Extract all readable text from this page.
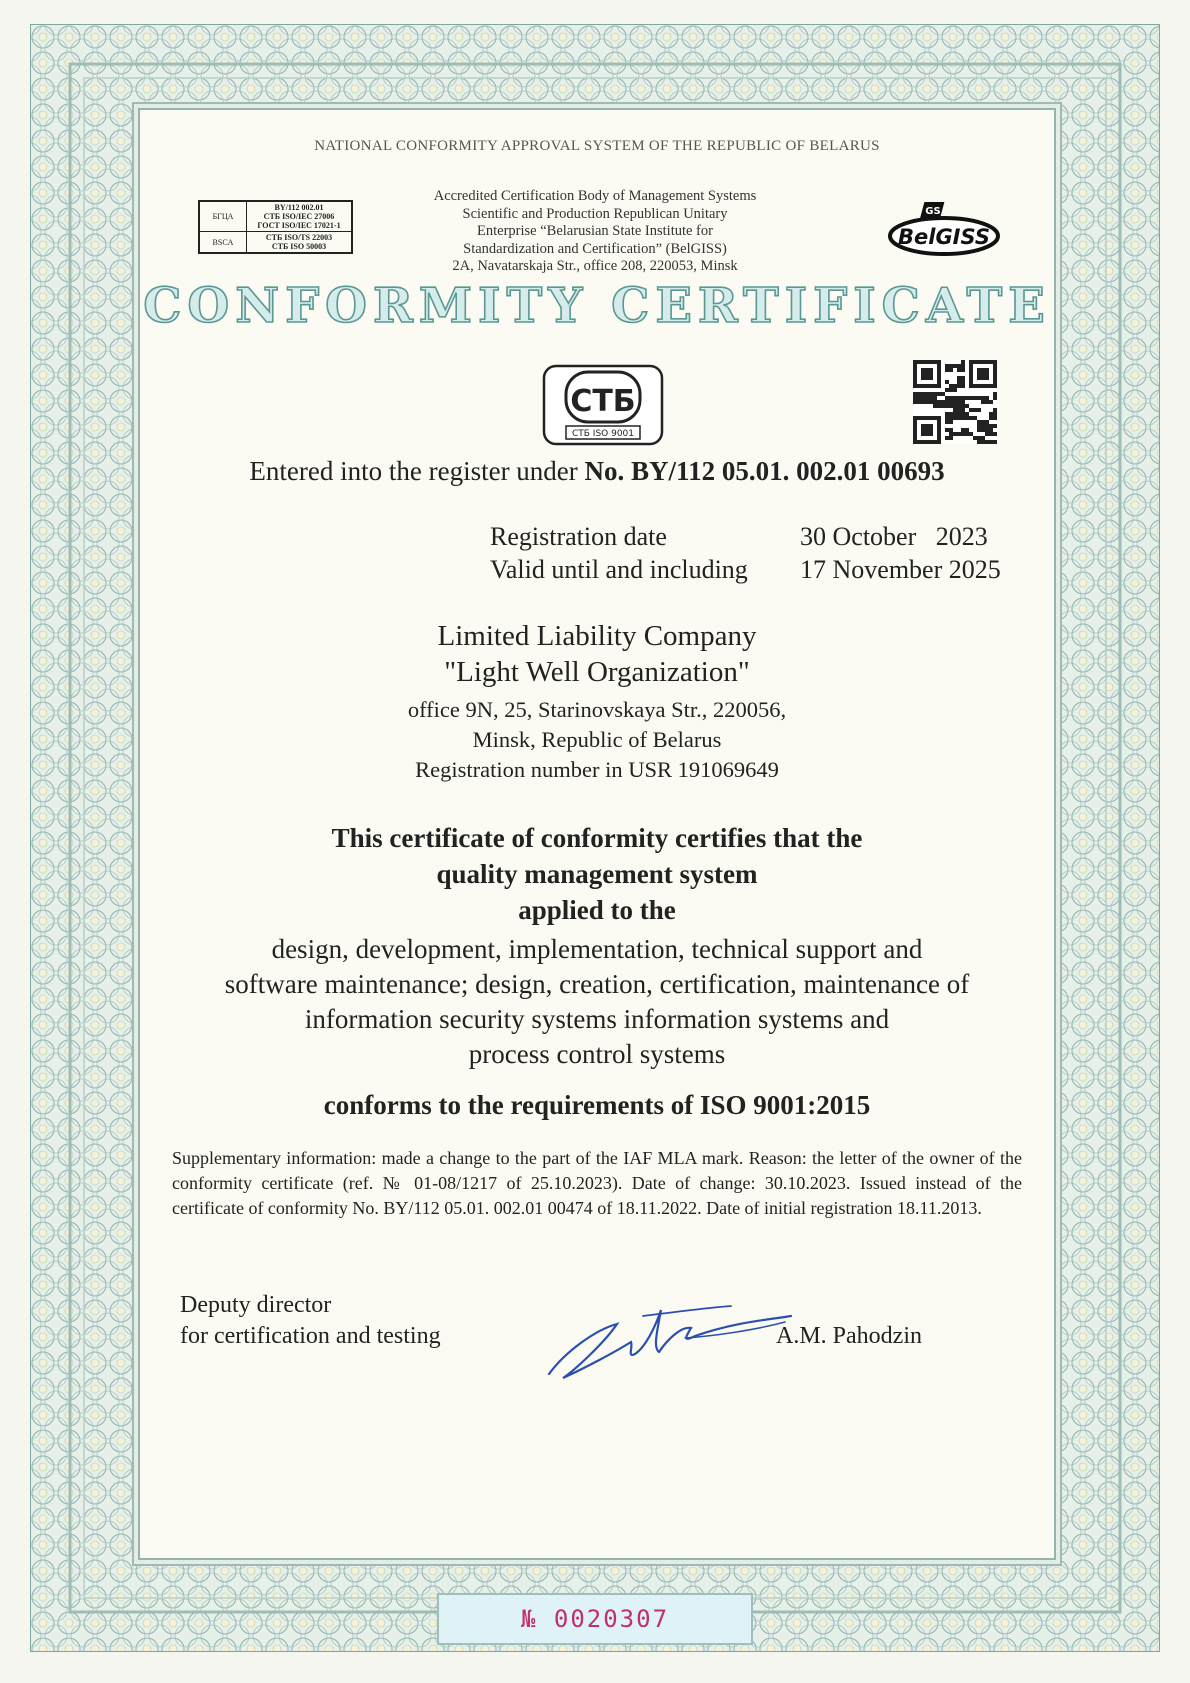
NATIONAL CONFORMITY APPROVAL SYSTEM OF THE REPUBLIC OF BELARUS
БГЦА	BY/112 002.01
СТБ ISO/IEC 27006
ГОСТ ISO/IEC 17021-1

BSCA	СТБ ISO/TS 22003
СТБ ISO 50003
Accredited Certification Body of Management Systems
Scientific and Production Republican Unitary
Enterprise “Belarusian State Institute for
Standardization and Certification” (BelGISS)
2A, Navatarskaja Str., office 208, 220053, Minsk
BelGISS
GS
CONFORMITY CERTIFICATE
СТБ
СТБ ISO 9001
Entered into the register under No. BY/112 05.01. 002.01 00693
Registration date	30 October   2023
Valid until and including	17 November 2025
Limited Liability Company
"Light Well Organization"
office 9N, 25, Starinovskaya Str., 220056,
Minsk, Republic of Belarus
Registration number in USR 191069649
This certificate of conformity certifies that the
quality management system
applied to the
design, development, implementation, technical support and
software maintenance; design, creation, certification, maintenance of
information security systems information systems and
process control systems
conforms to the requirements of ISO 9001:2015
Supplementary information: made a change to the part of the IAF MLA mark. Reason: the letter of the owner of the conformity certificate (ref. № 01-08/1217 of 25.10.2023). Date of change: 30.10.2023. Issued instead of the certificate of conformity No. BY/112 05.01. 002.01 00474 of 18.11.2022. Date of initial registration 18.11.2013.
Deputy director
for certification and testing	A.M. Pahodzin
№ 0020307
